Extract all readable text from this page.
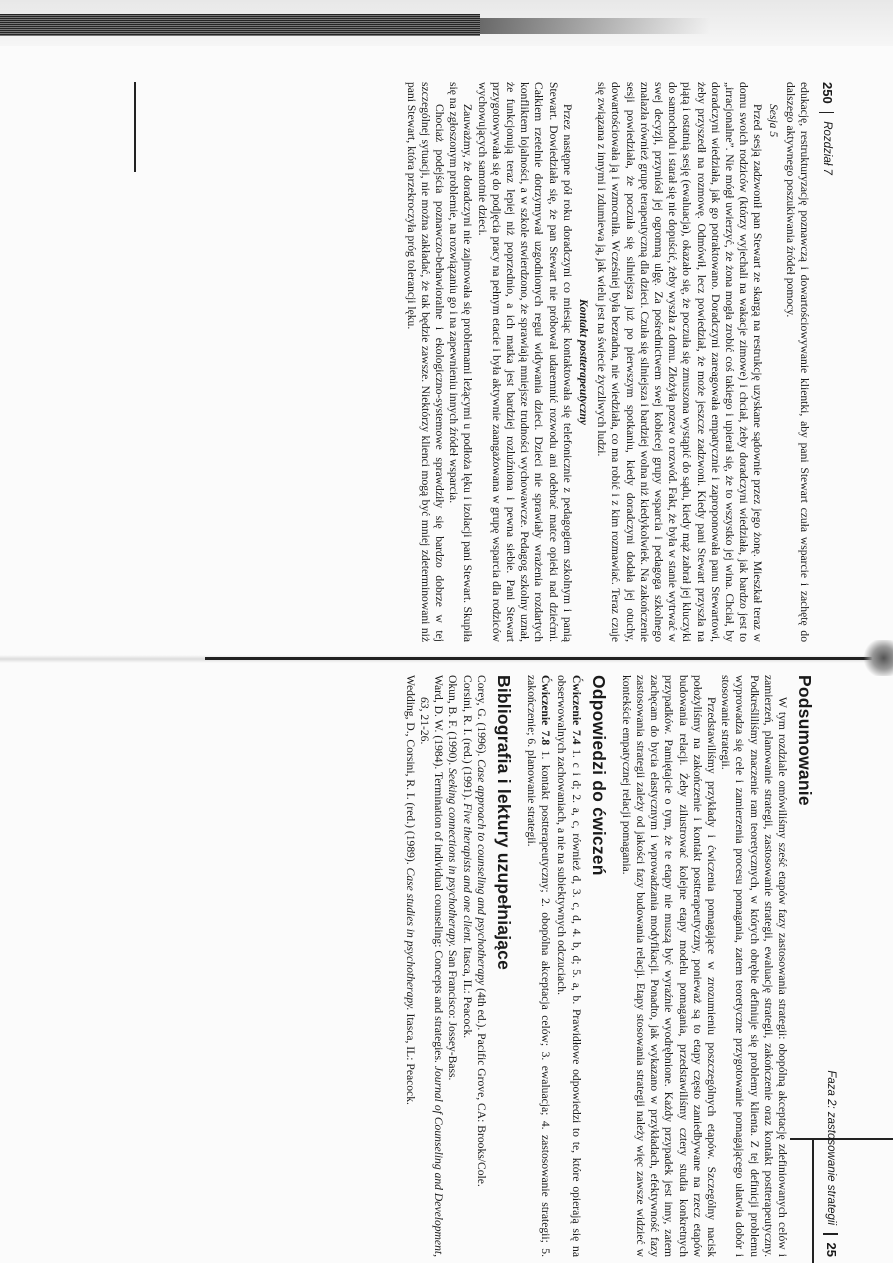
250
Rozdział 7

edukację, restrukturyzację poznawczą i dowartościowywanie klientki, aby pani Stewart czuła wsparcie i zachętę do dalszego aktywnego poszukiwania źródeł pomocy.

Sesja 5

Przed sesją zadzwonił pan Stewart ze skargą na restrukcję uzyskane sądownie przez jego żonę. Mieszkał teraz w domu swoich rodziców (którzy wyjechali na wakacje zimowe) i chciał, żeby doradczyni wiedziała, jak bardzo jest to „irracjonalne”. Nie mógł uwierzyć, że żona mogła zrobić coś takiego i upierał się, że to wszystko jej wina. Chciał, by doradczyni wiedziała, jak go potraktowano. Doradczyni zareagowała empatycznie i zaproponowała panu Stewartowi, żeby przyszedł na rozmowę. Odmówił, lecz powiedział, że może jeszcze zadzwoni. Kiedy pani Stewart przyszła na piątą i ostatnią sesję (ewaluacja), okazało się, że poczuła się zmuszona wystąpić do sądu, kiedy mąż zabrał jej kluczyki do samochodu i starał się nie dopuścić, żeby wyszła z domu. Złożyła pozew o rozwód. Fakt, że była w stanie wytrwać w swej decyzji, przyniósł jej ogromną ulgę. Za pośrednictwem swej kobiecej grupy wsparcia i pedagoga szkolnego znalazła również grupę terapeutyczną dla dzieci. Czuła się silniejsza i bardziej wolna niż kiedykolwiek. Na zakończenie sesji powiedziała, że poczuła się silniejsza już po pierwszym spotkaniu, kiedy doradczyni dodała jej otuchy, dowartościowała ją i wzmocniła. Wcześniej była bezradna, nie wiedziała, co ma robić i z kim rozmawiać. Teraz czuje się związana z innymi i zdumiewa ją, jak wielu jest na świecie życzliwych ludzi.

Kontakt postterapeutyczny

Przez następne pół roku doradczyni co miesiąc kontaktowała się telefonicznie z pedagogiem szkolnym i panią Stewart. Dowiedziała się, że pan Stewart nie próbował udaremnić rozwodu ani odebrać matce opieki nad dziećmi. Całkiem rzetelnie dotrzymywał uzgodnionych reguł widywania dzieci. Dzieci nie sprawiały wrażenia rozdartych konfliktem lojalności, a w szkole stwierdzono, że sprawiają mniejsze trudności wychowawcze. Pedagog szkolny uznał, że funkcjonują teraz lepiej niż poprzednio, a ich matka jest bardziej rozluźniona i pewna siebie. Pani Stewart przygotowywała się do podjęcia pracy na pełnym etacie i była aktywnie zaangażowana w grupę wsparcia dla rodziców wychowujących samotnie dzieci.

Zauważmy, że doradczyni nie zajmowała się problemami leżącymi u podłoża lęku i izolacji pani Stewart. Skupiła się na zgłoszonym problemie, na rozwiązaniu go i na zapewnieniu innych źródeł wsparcia.

Chociaż podejścia poznawczo-behawioralne i ekologiczno-systemowe sprawdziły się bardzo dobrze w tej szczególnej sytuacji, nie można zakładać, że tak będzie zawsze. Niektórzy klienci mogą być mniej zdeterminowani niż pani Stewart, która przekroczyła próg tolerancji lęku.

Faza 2: zastosowanie strategii
25
Podsumowanie

W tym rozdziale omówiliśmy sześć etapów fazy zastosowania strategii: obopólną akceptację zdefiniowanych celów i zamierzeń, planowanie strategii, zastosowanie strategii, ewaluację strategii, zakończenie oraz kontakt postterapeutyczny. Podkreśliliśmy znaczenie ram teoretycznych, w których obrębie definiuje się problemy klienta. Z tej definicji problemu wyprowadza się cele i zamierzenia procesu pomagania, zatem teoretyczne przygotowanie pomagającego ułatwia dobór i stosowanie strategii.

Przedstawiliśmy przykłady i ćwiczenia pomagające w zrozumieniu poszczególnych etapów. Szczególny nacisk położyliśmy na zakończenie i kontakt postterapeutyczny, ponieważ są to etapy często zaniedbywane na rzecz etapów budowania relacji. Żeby zilustrować kolejne etapy modelu pomagania, przedstawiliśmy cztery studia konkretnych przypadków. Pamiętajcie o tym, że te etapy nie muszą być wyraźnie wyodrębnione. Każdy przypadek jest inny, zatem zachęcam do bycia elastycznym i wprowadzania modyfikacji. Ponadto, jak wykazano w przykładach, efektywność fazy zastosowania strategii zależy od jakości fazy budowania relacji. Etapy stosowania strategii należy więc zawsze widzieć w kontekście empatycznej relacji pomagania.

Odpowiedzi do ćwiczeń

Ćwiczenie 7.4 1. c i d; 2. a, c, również d, 3. c, d, 4. b, d; 5. a, b. Prawidłowe odpowiedzi to te, które opierają się na obserwowalnych zachowaniach, a nie na subiektywnych odczuciach.

Ćwiczenie 7.8 1. kontakt postterapeutyczny; 2. obopólna akceptacja celów; 3. ewaluacja; 4. zastosowanie strategii; 5. zakończenie; 6. planowanie strategii.

Bibliografia i lektury uzupełniające

Corey, G. (1996). Case approach to counseling and psychotherapy (4th ed.). Pacific Grove, CA: Brooks/Cole.

Corsini, R. I. (red.) (1991). Five therapists and one client. Itasca, IL: Peacock.

Okun, B. F. (1990). Seeking connections in psychotherapy. San Francisco: Jossey-Bass.

Ward, D. W. (1984). Termination of individual counseling: Concepts and strategies. Journal of Counseling and Development, 63, 21-26.

Wedding, D., Corsini, R. I. (red.) (1989). Case studies in psychotherapy. Itasca, IL: Peacock.
